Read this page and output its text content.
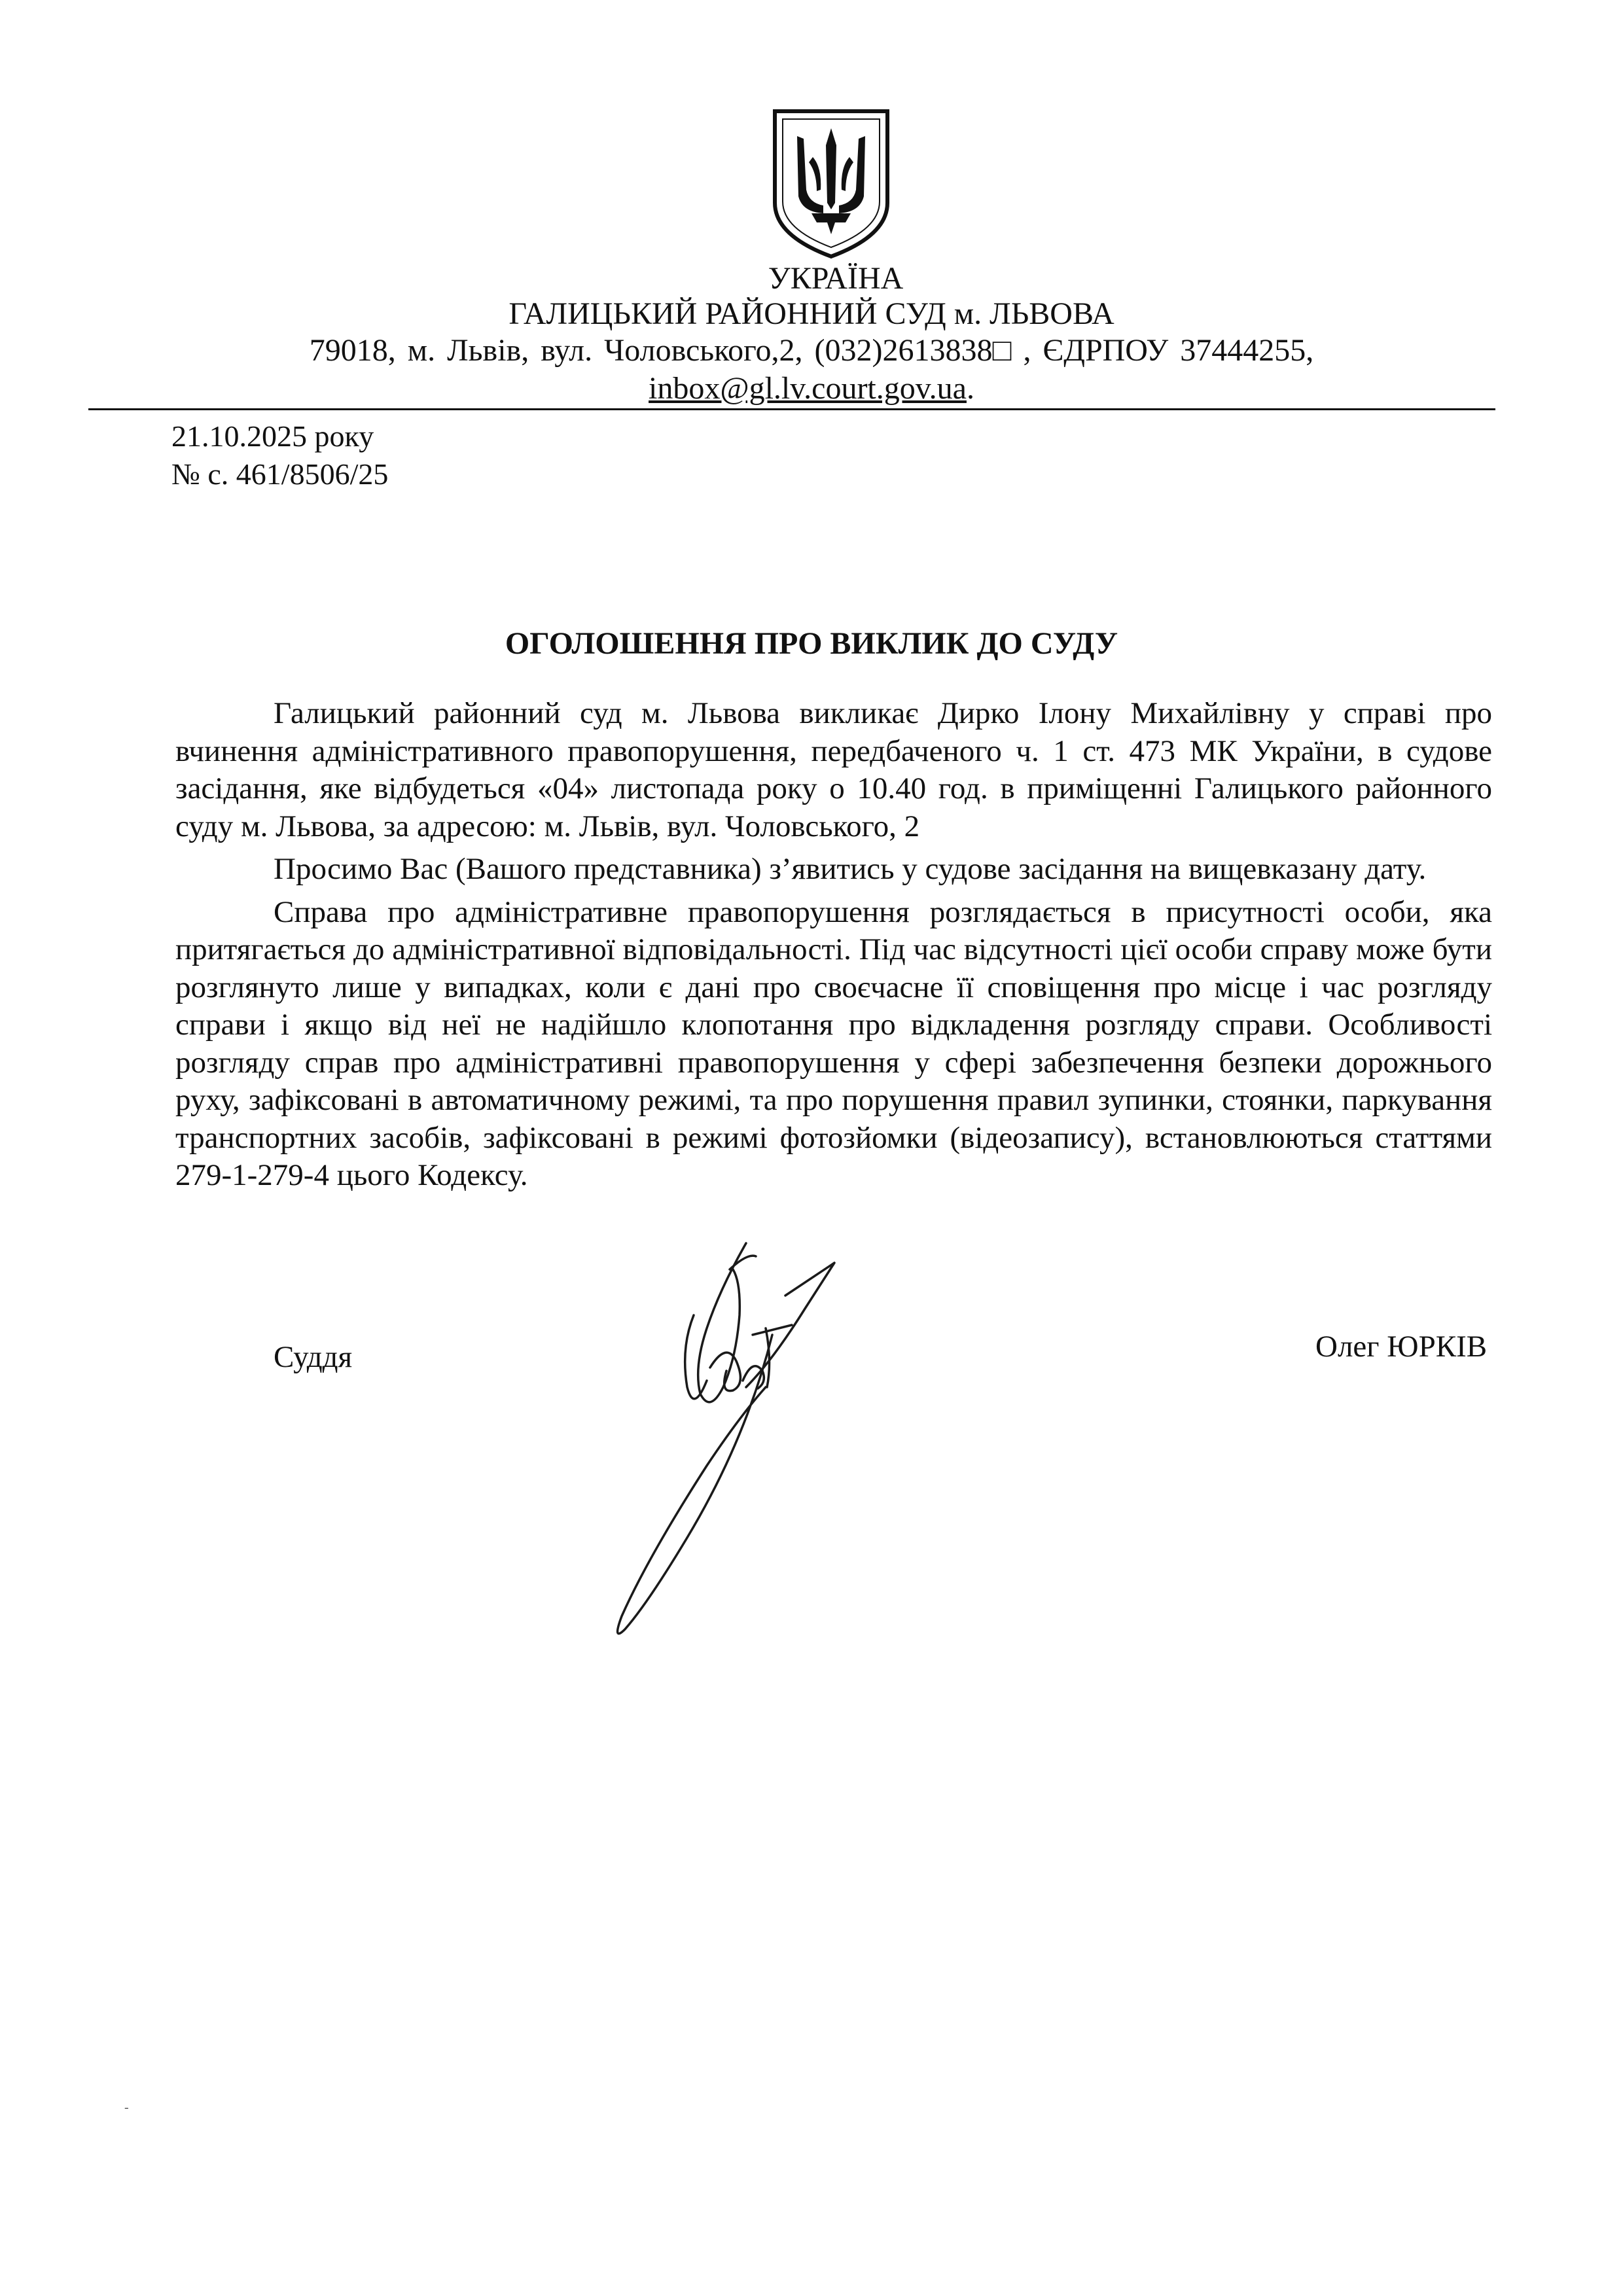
УКРАЇНА
ГАЛИЦЬКИЙ РАЙОННИЙ СУД м. ЛЬВОВА
79018, м. Львів, вул. Чоловського,2, (032)2613838□ , ЄДРПОУ 37444255,
inbox@gl.lv.court.gov.ua.
21.10.2025 року
№ с. 461/8506/25
ОГОЛОШЕННЯ ПРО ВИКЛИК ДО СУДУ

Галицький районний суд м. Львова викликає Дирко Ілону Михайлівну у справі про вчинення адміністративного правопорушення, передбаченого ч. 1 ст. 473 МК України, в судове засідання, яке відбудеться «04» листопада року о 10.40 год. в приміщенні Галицького районного суду м. Львова, за адресою: м. Львів, вул. Чоловського, 2

Просимо Вас (Вашого представника) з’явитись у судове засідання на вищевказану дату.

Справа про адміністративне правопорушення розглядається в присутності особи, яка притягається до адміністративної відповідальності. Під час відсутності цієї особи справу може бути розглянуто лише у випадках, коли є дані про своєчасне її сповіщення про місце і час розгляду справи і якщо від неї не надійшло клопотання про відкладення розгляду справи. Особливості розгляду справ про адміністративні правопорушення у сфері забезпечення безпеки дорожнього руху, зафіксовані в автоматичному режимі, та про порушення правил зупинки, стоянки, паркування транспортних засобів, зафіксовані в режимі фотозйомки (відеозапису), встановлюються статтями 279-1-279-4 цього Кодексу.

Суддя	Олег ЮРКІВ
-
